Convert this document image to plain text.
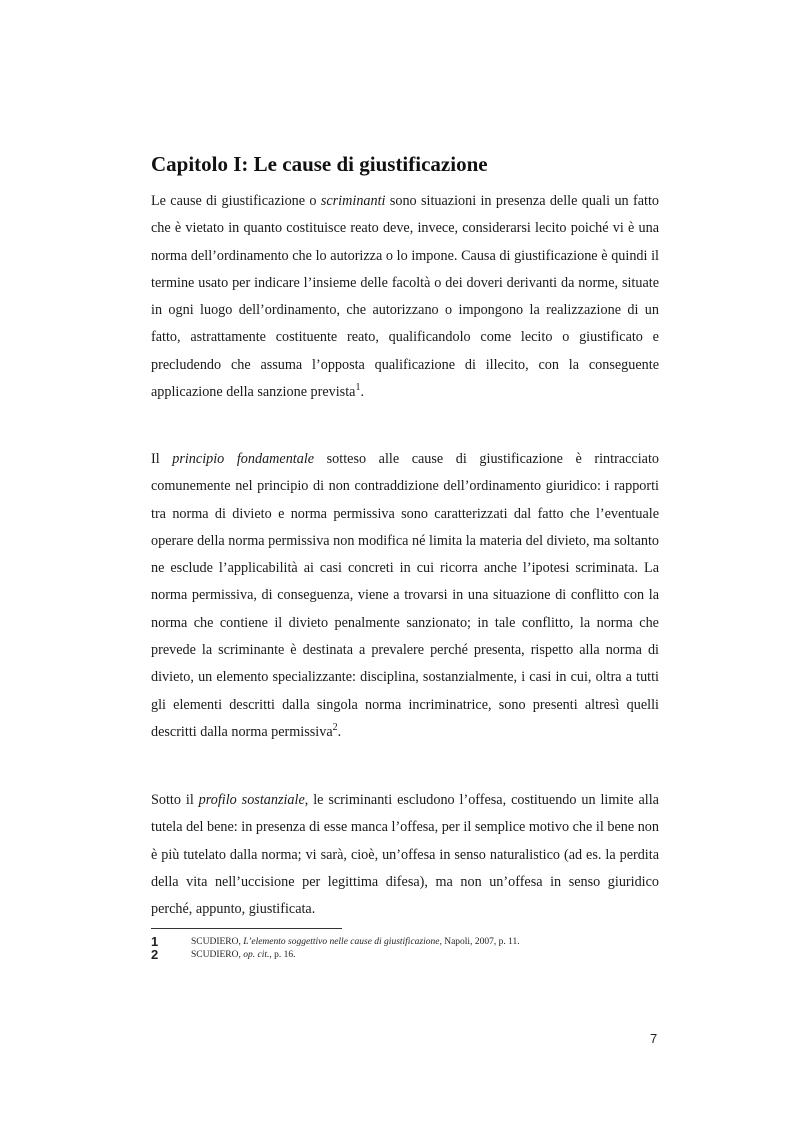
Capitolo I: Le cause di giustificazione

Le cause di giustificazione o scriminanti sono situazioni in presenza delle quali un fatto che è vietato in quanto costituisce reato deve, invece, considerarsi lecito poiché vi è una norma dell’ordinamento che lo autorizza o lo impone. Causa di giustificazione è quindi il termine usato per indicare l’insieme delle facoltà o dei doveri derivanti da norme, situate in ogni luogo dell’ordinamento, che autorizzano o impongono la realizzazione di un fatto, astrattamente costituente reato, qualificandolo come lecito o giustificato e precludendo che assuma l’opposta qualificazione di illecito, con la conseguente applicazione della sanzione prevista$^1$.

Il principio fondamentale sotteso alle cause di giustificazione è rintracciato comunemente nel principio di non contraddizione dell’ordinamento giuridico: i rapporti tra norma di divieto e norma permissiva sono caratterizzati dal fatto che l’eventuale operare della norma permissiva non modifica né limita la materia del divieto, ma soltanto ne esclude l’applicabilità ai casi concreti in cui ricorra anche l’ipotesi scriminata. La norma permissiva, di conseguenza, viene a trovarsi in una situazione di conflitto con la norma che contiene il divieto penalmente sanzionato; in tale conflitto, la norma che prevede la scriminante è destinata a prevalere perché presenta, rispetto alla norma di divieto, un elemento specializzante: disciplina, sostanzialmente, i casi in cui, oltra a tutti gli elementi descritti dalla singola norma incriminatrice, sono presenti altresì quelli descritti dalla norma permissiva$^2$.

Sotto il profilo sostanziale, le scriminanti escludono l’offesa, costituendo un limite alla tutela del bene: in presenza di esse manca l’offesa, per il semplice motivo che il bene non è più tutelato dalla norma; vi sarà, cioè, un’offesa in senso naturalistico (ad es. la perdita della vita nell’uccisione per legittima difesa), ma non un’offesa in senso giuridico perché, appunto, giustificata.

1	SCUDIERO, L’elemento soggettivo nelle cause di giustificazione, Napoli, 2007, p. 11.
2	SCUDIERO, op. cit., p. 16.
7
